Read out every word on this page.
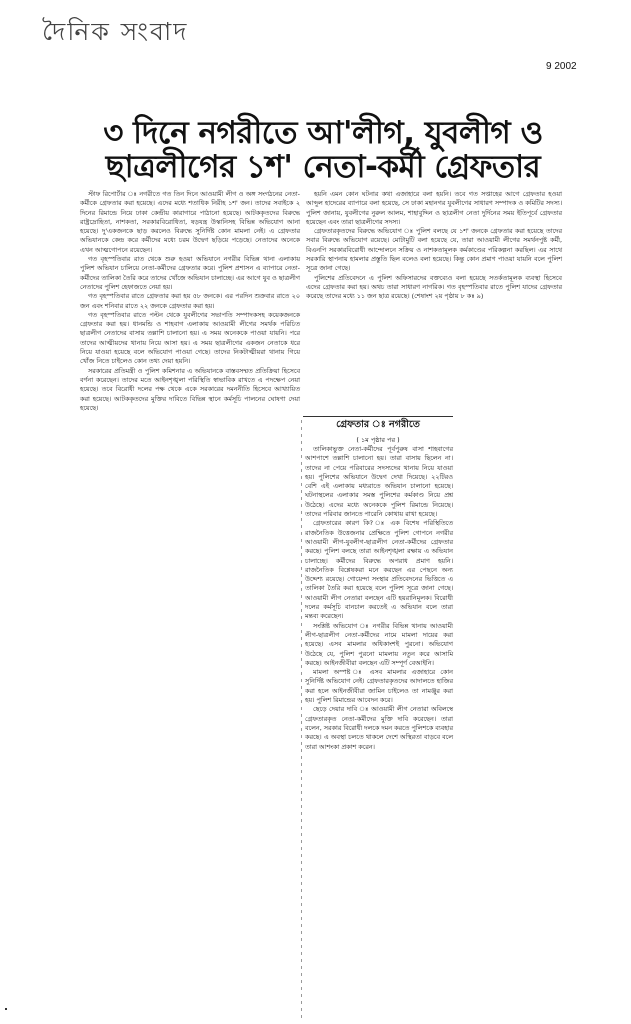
দৈনিক সংবাদ
9 2002
৩ দিনে নগরীতে আ'লীগ, যুবলীগ ও
ছাত্রলীগের ১শ' নেতা-কর্মী গ্রেফতার

স্টাফ রিপোর্টার ঃ নগরীতে গত তিন দিনে আওয়ামী লীগ ও অঙ্গ সংগঠনের নেতা-কর্মীকে গ্রেফতার করা হয়েছে। এদের মধ্যে শতাধিক নিরীহ ১শ' জন। তাদের সবাইকে ২ দিনের রিমান্ডে নিয়ে ঢাকা কেন্দ্রীয় কারাগারে পাঠানো হয়েছে। আটককৃতদের বিরুদ্ধে রাষ্ট্রদ্রোহিতা, নাশকতা, সরকারবিরোধিতা, ষড়যন্ত্র উস্কানিসহ বিভিন্ন অভিযোগ আনা হয়েছে। দু'একজনকে ছাড় করলেও বিরুদ্ধে সুনির্দিষ্ট কোন মামলা নেই। এ গ্রেফতার অভিযানকে কেন্দ্র করে কর্মীদের মধ্যে চরম উদ্বেগ ছড়িয়ে পড়েছে। নেতাদের অনেকে এখন আত্মগোপনে রয়েছেন।

গত বৃহস্পতিবার রাত থেকে শুরু হওয়া অভিযানে নগরীর বিভিন্ন থানা এলাকায় পুলিশ অভিযান চালিয়ে নেতা-কর্মীদের গ্রেফতার করে। পুলিশ প্রশাসন এ ব্যাপারে নেতা-কর্মীদের তালিকা তৈরি করে তাদের খোঁজে অভিযান চালাচ্ছে। এর আগে যুব ও ছাত্রলীগ নেতাদের পুলিশ হেফাজতে নেয়া হয়।

গত বৃহস্পতিবার রাতে গ্রেফতার করা হয় ৫৮ জনকে। এর পরদিন শুক্রবার রাতে ২০ জন এবং শনিবার রাতে ২২ জনকে গ্রেফতার করা হয়।

গত বৃহস্পতিবার রাতে পল্টন থেকে যুবলীগের সভাপতি সম্পাদকসহ কয়েকজনকে গ্রেফতার করা হয়। ধানমন্ডি ও শাহবাগ এলাকায় আওয়ামী লীগের সমর্থক পরিচিত ছাত্রলীগ নেতাদের বাসায় তল্লাশি চালানো হয়। এ সময় অনেককে পাওয়া যায়নি। পরে তাদের আত্মীয়দের থানায় নিয়ে আসা হয়। এ সময় ছাত্রলীগের একজন নেতাকে ধরে নিয়ে যাওয়া হয়েছে বলে অভিযোগ পাওয়া গেছে। তাদের নিকটাত্মীয়রা থানায় গিয়ে খোঁজ নিতে চাইলেও কোন তথ্য দেয়া হয়নি।

সরকারের প্রতিমন্ত্রী ও পুলিশ কমিশনার এ অভিযানকে বাস্তবসম্মত প্রতিক্রিয়া হিসেবে বর্ণনা করেছেন। তাদের মতে আইনশৃঙ্খলা পরিস্থিতি স্বাভাবিক রাখতে এ পদক্ষেপ নেয়া হয়েছে। তবে বিরোধী দলের পক্ষ থেকে একে সরকারের দমননীতি হিসেবে আখ্যায়িত করা হয়েছে। আটককৃতদের মুক্তির দাবিতে বিভিন্ন স্থানে কর্মসূচি পালনের ঘোষণা দেয়া হয়েছে।

হয়নি এমন কোন ঘটনার কথা এজাহারে বলা হয়নি। তবে গত সপ্তাহের আগে গ্রেফতার হওয়া আব্দুল হাদেরের ব্যাপারে বলা হয়েছে, সে ঢাকা মহানগর যুবলীগের সাধারণ সম্পাদক ও কমিটির সদস্য। পুলিশ জানায়, যুবলীগের নুরুল আলম, শাহাবুদ্দিন ও ছাত্রলীগ নেতা দুর্দিনের সময় ইতিপূর্বে গ্রেফতার হয়েছেন এবং তারা ছাত্রলীগের সদস্য।

গ্রেফতারকৃতদের বিরুদ্ধে অভিযোগ ঃ পুলিশ বলছে যে ১শ' জনকে গ্রেফতার করা হয়েছে তাদের সবার বিরুদ্ধে অভিযোগ রয়েছে। মোটামুটি বলা হয়েছে যে, তারা আওয়ামী লীগের সমর্থনপুষ্ট কর্মী, বিএনপি সরকারবিরোধী আন্দোলনে সক্রিয় ও নাশকতামূলক কর্মকাণ্ডের পরিকল্পনা করছিল। এর সাথে সরকারি স্থাপনায় হামলার প্রস্তুতি ছিল বলেও বলা হয়েছে। কিন্তু কোন প্রমাণ পাওয়া যায়নি বলে পুলিশ সূত্রে জানা গেছে।

পুলিশের প্রতিবেদনে এ পুলিশ অফিসারদের বক্তব্যেও বলা হয়েছে সতর্কতামূলক ব্যবস্থা হিসেবে এদের গ্রেফতার করা হয়। অথচ তারা সাধারণ নাগরিক। গত বৃহস্পতিবার রাতে পুলিশ যাদের গ্রেফতার করেছে তাদের মধ্যে ১১ জন ছাত্র রয়েছে। (শেষাংশ ২য় পৃষ্ঠায় ৮ কঃ ৯)

গ্রেফতার ঃ নগরীতে
( ১ম পৃষ্ঠার পর )

তালিকাভুক্ত নেতা-কর্মীদের পূর্বপুরুষ বাসা শাহবাগের আশপাশে তল্লাশি চালানো হয়। তারা বাসায় ছিলেন না। তাদের না পেয়ে পরিবারের সদস্যদের থানায় নিয়ে যাওয়া হয়। পুলিশের অভিযানে উদ্বেগ দেখা দিয়েছে। ২২টিরও বেশি এই এলাকায় মধ্যরাতে অভিযান চালানো হয়েছে। ঘটনাস্থলের এলাকার সমস্ত পুলিশের কর্মকাণ্ড নিয়ে প্রশ্ন উঠেছে। এদের মধ্যে অনেককে পুলিশ রিমান্ডে নিয়েছে। তাদের পরিবার জানতে পারেনি কোথায় রাখা হয়েছে।

গ্রেফতারের কারণ কি? ঃ এক বিশেষ পরিস্থিতিতে রাজনৈতিক উত্তেজনার প্রেক্ষিতে পুলিশ গোপনে নগরীর আওয়ামী লীগ-যুবলীগ-ছাত্রলীগ নেতা-কর্মীদের গ্রেফতার করছে। পুলিশ বলছে তারা আইনশৃঙ্খলা রক্ষায় এ অভিযান চালাচ্ছে। কর্মীদের বিরুদ্ধে অপরাধ প্রমাণ হয়নি। রাজনৈতিক বিশ্লেষকরা মনে করছেন এর পেছনে অন্য উদ্দেশ্য রয়েছে। গোয়েন্দা সংস্থার প্রতিবেদনের ভিত্তিতে এ তালিকা তৈরি করা হয়েছে বলে পুলিশ সূত্রে জানা গেছে। আওয়ামী লীগ নেতারা বলছেন এটি হয়রানিমূলক। বিরোধী দলের কর্মসূচি বানচাল করতেই এ অভিযান বলে তারা মন্তব্য করেছেন।

সংশ্লিষ্ট অভিযোগ ঃ নগরীর বিভিন্ন থানায় আওয়ামী লীগ-ছাত্রলীগ নেতা-কর্মীদের নামে মামলা দায়ের করা হয়েছে। এসব মামলার অধিকাংশই পুরনো। অভিযোগ উঠেছে যে, পুলিশ পুরনো মামলায় নতুন করে আসামি করছে। আইনজীবীরা বলছেন এটি সম্পূর্ণ বেআইনি।

মামলা অস্পষ্ট ঃ এসব মামলার এজাহারে কোন সুনির্দিষ্ট অভিযোগ নেই। গ্রেফতারকৃতদের আদালতে হাজির করা হলে আইনজীবীরা জামিন চাইলেও তা নামঞ্জুর করা হয়। পুলিশ রিমান্ডের আবেদন করে।

ছেড়ে দেয়ার দাবি ঃ আওয়ামী লীগ নেতারা অবিলম্বে গ্রেফতারকৃত নেতা-কর্মীদের মুক্তি দাবি করেছেন। তারা বলেন, সরকার বিরোধী দলকে দমন করতে পুলিশকে ব্যবহার করছে। এ অবস্থা চলতে থাকলে দেশে অস্থিরতা বাড়বে বলে তারা আশংকা প্রকাশ করেন।
